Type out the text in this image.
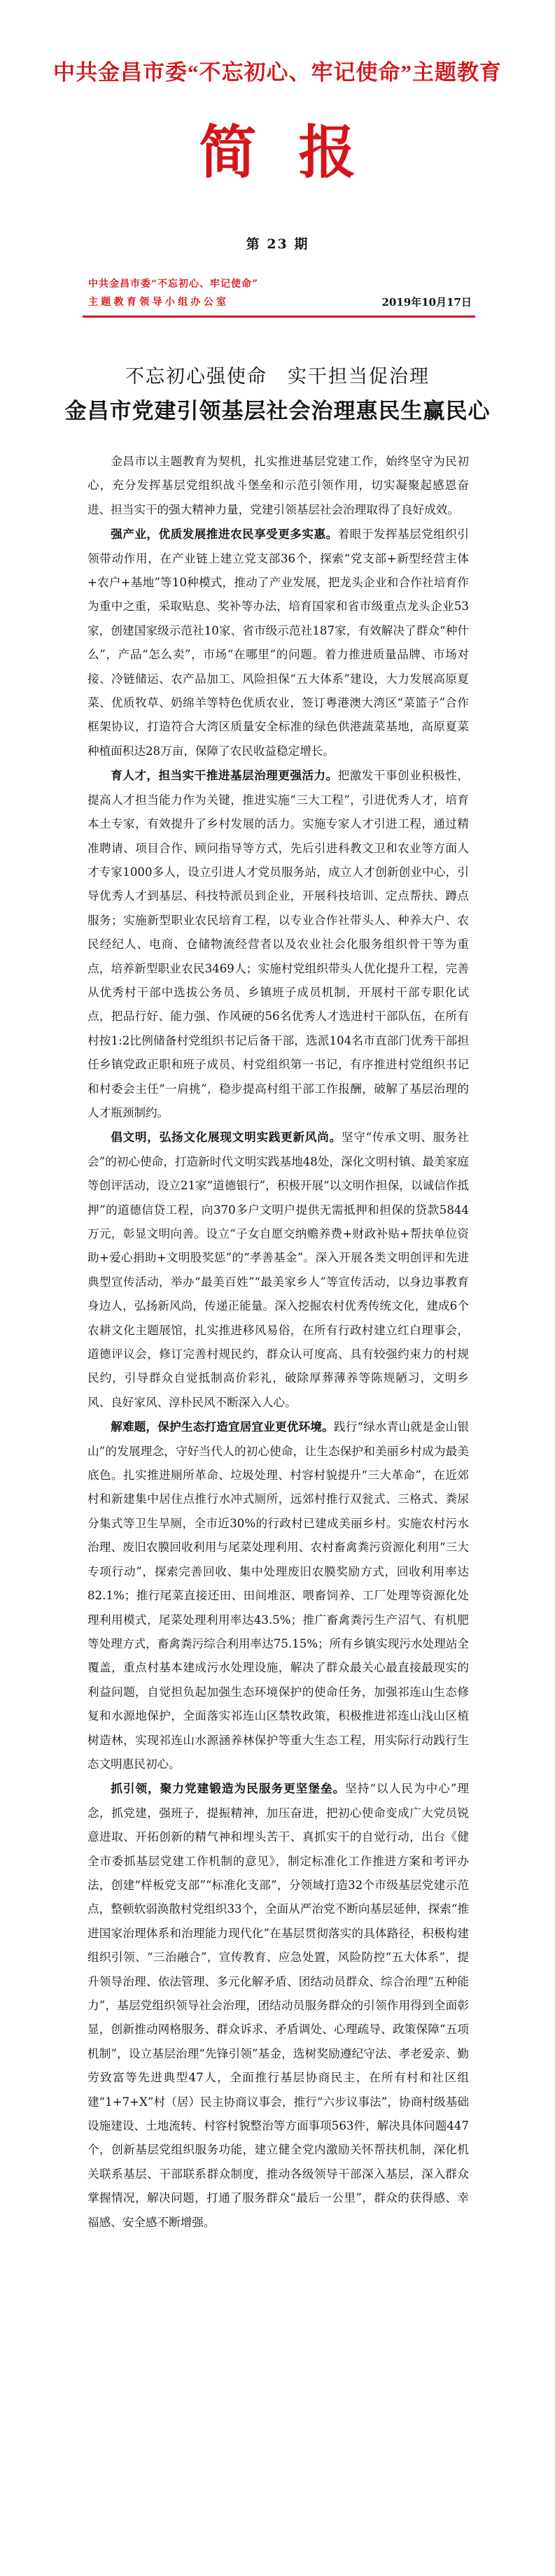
中共金昌市委“不忘初心、牢记使命”主题教育
简报
第 23 期
中共金昌市委“不忘初心、牢记使命”
主题教育领导小组办公室	2019年10月17日
不忘初心强使命　实干担当促治理
金昌市党建引领基层社会治理惠民生赢民心

金昌市以主题教育为契机，扎实推进基层党建工作，始终坚守为民初心，充分发挥基层党组织战斗堡垒和示范引领作用，切实凝聚起感恩奋进、担当实干的强大精神力量，党建引领基层社会治理取得了良好成效。

强产业，优质发展推进农民享受更多实惠。着眼于发挥基层党组织引领带动作用，在产业链上建立党支部36个，探索“党支部+新型经营主体+农户+基地”等10种模式，推动了产业发展，把龙头企业和合作社培育作为重中之重，采取贴息、奖补等办法，培育国家和省市级重点龙头企业53家，创建国家级示范社10家、省市级示范社187家，有效解决了群众“种什么”，产品“怎么卖”，市场“在哪里”的问题。着力推进质量品牌、市场对接、冷链储运、农产品加工、风险担保“五大体系”建设，大力发展高原夏菜、优质牧草、奶绵羊等特色优质农业，签订粤港澳大湾区“菜篮子”合作框架协议，打造符合大湾区质量安全标准的绿色供港蔬菜基地，高原夏菜种植面积达28万亩，保障了农民收益稳定增长。

育人才，担当实干推进基层治理更强活力。把激发干事创业积极性，提高人才担当能力作为关键，推进实施“三大工程”，引进优秀人才，培育本土专家，有效提升了乡村发展的活力。实施专家人才引进工程，通过精准聘请、项目合作、顾问指导等方式，先后引进科教文卫和农业等方面人才专家1000多人，设立引进人才党员服务站，成立人才创新创业中心，引导优秀人才到基层、科技特派员到企业，开展科技培训、定点帮扶、蹲点服务；实施新型职业农民培育工程，以专业合作社带头人、种养大户、农民经纪人、电商、仓储物流经营者以及农业社会化服务组织骨干等为重点，培养新型职业农民3469人；实施村党组织带头人优化提升工程，完善从优秀村干部中选拔公务员、乡镇班子成员机制，开展村干部专职化试点，把品行好、能力强、作风硬的56名优秀人才选进村干部队伍，在所有村按1:2比例储备村党组织书记后备干部，选派104名市直部门优秀干部担任乡镇党政正职和班子成员、村党组织第一书记，有序推进村党组织书记和村委会主任“一肩挑”，稳步提高村组干部工作报酬，破解了基层治理的人才瓶颈制约。

倡文明，弘扬文化展现文明实践更新风尚。坚守“传承文明、服务社会”的初心使命，打造新时代文明实践基地48处，深化文明村镇、最美家庭等创评活动，设立21家“道德银行”，积极开展“以文明作担保，以诚信作抵押”的道德信贷工程，向370多户文明户提供无需抵押和担保的贷款5844万元，彰显文明向善。设立“子女自愿交纳赡养费+财政补贴+帮扶单位资助+爱心捐助+文明股奖惩”的“孝善基金”。深入开展各类文明创评和先进典型宣传活动，举办“最美百姓”“最美家乡人”等宣传活动，以身边事教育身边人，弘扬新风尚，传递正能量。深入挖掘农村优秀传统文化，建成6个农耕文化主题展馆，扎实推进移风易俗，在所有行政村建立红白理事会，道德评议会，修订完善村规民约，群众认可度高、具有较强约束力的村规民约，引导群众自觉抵制高价彩礼，破除厚葬薄养等陈规陋习，文明乡风、良好家风、淳朴民风不断深入人心。

解难题，保护生态打造宜居宜业更优环境。践行“绿水青山就是金山银山”的发展理念，守好当代人的初心使命，让生态保护和美丽乡村成为最美底色。扎实推进厕所革命、垃圾处理、村容村貌提升“三大革命”，在近郊村和新建集中居住点推行水冲式厕所，远郊村推行双瓮式、三格式、粪尿分集式等卫生旱厕，全市近30%的行政村已建成美丽乡村。实施农村污水治理、废旧农膜回收利用与尾菜处理利用、农村畜禽粪污资源化利用“三大专项行动”，探索完善回收、集中处理废旧农膜奖励方式，回收利用率达82.1%；推行尾菜直接还田、田间堆沤、喂畜饲养、工厂处理等资源化处理利用模式，尾菜处理利用率达43.5%；推广畜禽粪污生产沼气、有机肥等处理方式，畜禽粪污综合利用率达75.15%；所有乡镇实现污水处理站全覆盖，重点村基本建成污水处理设施，解决了群众最关心最直接最现实的利益问题，自觉担负起加强生态环境保护的使命任务，加强祁连山生态修复和水源地保护，全面落实祁连山区禁牧政策，积极推进祁连山浅山区植树造林，实现祁连山水源涵养林保护等重大生态工程，用实际行动践行生态文明惠民初心。

抓引领，聚力党建锻造为民服务更坚堡垒。坚持“以人民为中心”理念，抓党建，强班子，提振精神，加压奋进，把初心使命变成广大党员锐意进取、开拓创新的精气神和埋头苦干、真抓实干的自觉行动，出台《健全市委抓基层党建工作机制的意见》，制定标准化工作推进方案和考评办法，创建“样板党支部”“标准化支部”，分领域打造32个市级基层党建示范点，整顿软弱涣散村党组织33个，全面从严治党不断向基层延伸，探索“推进国家治理体系和治理能力现代化”在基层贯彻落实的具体路径，积极构建组织引领、“三治融合”，宣传教育、应急处置，风险防控“五大体系”，提升领导治理、依法管理、多元化解矛盾、团结动员群众、综合治理“五种能力”，基层党组织领导社会治理，团结动员服务群众的引领作用得到全面彰显，创新推动网格服务、群众诉求、矛盾调处、心理疏导、政策保障“五项机制”，设立基层治理“先锋引领”基金，选树奖励遵纪守法、孝老爱亲、勤劳致富等先进典型47人，全面推行基层协商民主，在所有村和社区组建“1+7+X”村（居）民主协商议事会，推行“六步议事法”，协商村级基础设施建设、土地流转、村容村貌整治等方面事项563件，解决具体问题447个，创新基层党组织服务功能，建立健全党内激励关怀帮扶机制，深化机关联系基层、干部联系群众制度，推动各级领导干部深入基层，深入群众掌握情况，解决问题，打通了服务群众“最后一公里”，群众的获得感、幸福感、安全感不断增强。
